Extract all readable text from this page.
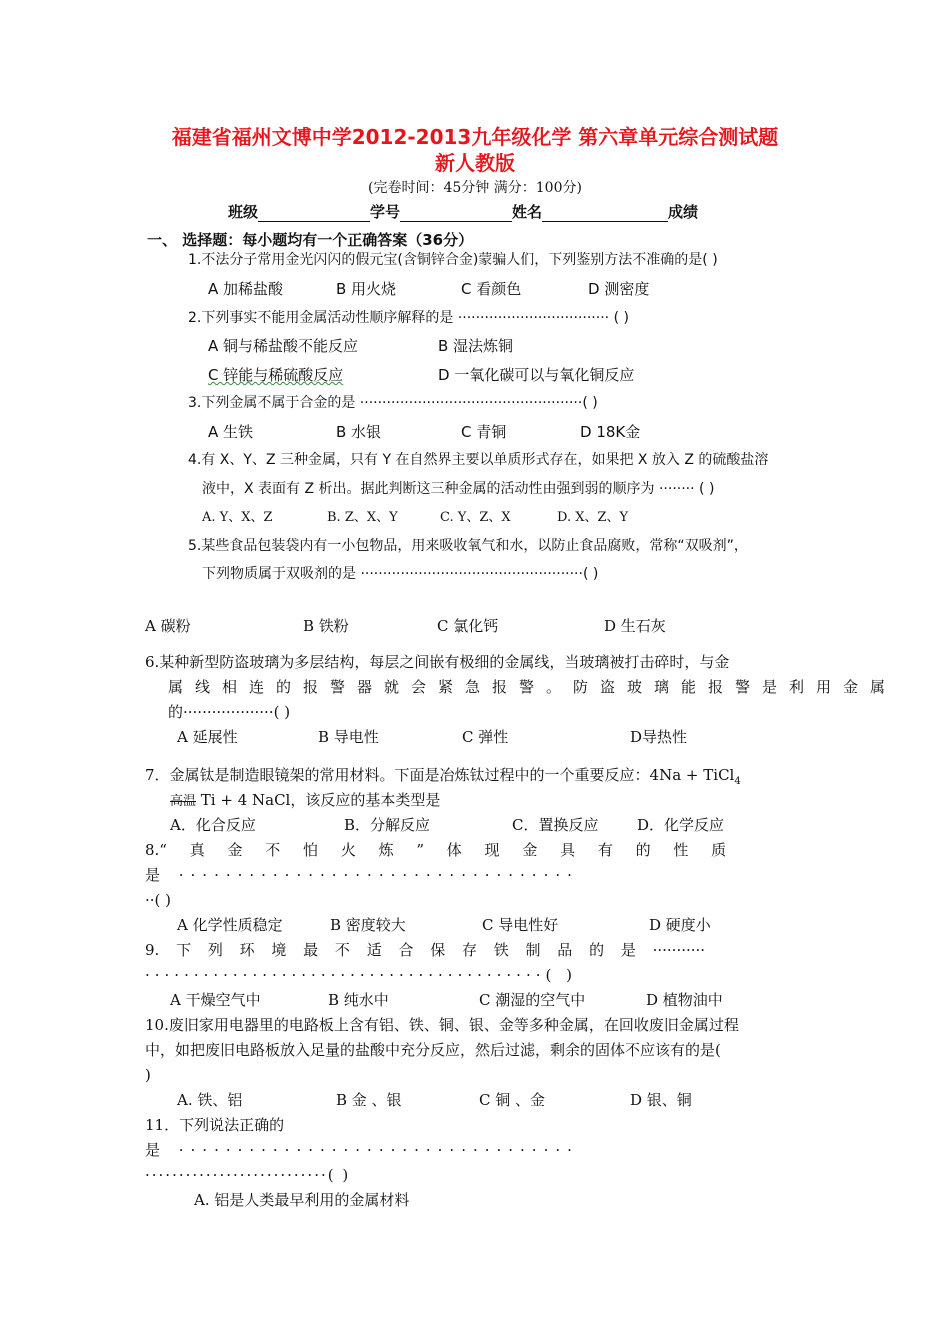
福建省福州文博中学2012-2013九年级化学 第六章单元综合测试题
新人教版
(完卷时间：45分钟 满分：100分)
班级	学号	姓名	成绩
一、 选择题：每小题均有一个正确答案（36分）
1.不法分子常用金光闪闪的假元宝(含铜锌合金)蒙骗人们，下列鉴别方法不准确的是( )
A 加稀盐酸	B 用火烧	C 看颜色	D 测密度
2.下列事实不能用金属活动性顺序解释的是 ·································· ( )
A 铜与稀盐酸不能反应	B 湿法炼铜
C 锌能与稀硫酸反应	D 一氧化碳可以与氧化铜反应
3.下列金属不属于合金的是 ··················································( )
A 生铁	B 水银	C 青铜	D 18K金
4.有 X、Y、Z 三种金属，只有 Y 在自然界主要以单质形式存在，如果把 X 放入 Z 的硫酸盐溶
液中，X 表面有 Z 析出。据此判断这三种金属的活动性由强到弱的顺序为 ········ ( )
A. Y、X、Z	B. Z、X、Y	C. Y、Z、X	D. X、Z、Y
5.某些食品包装袋内有一小包物品，用来吸收氧气和水，以防止食品腐败，常称“双吸剂”，
下列物质属于双吸剂的是 ··················································( )
A 碳粉	B 铁粉	C 氯化钙	D 生石灰
6.某种新型防盗玻璃为多层结构，每层之间嵌有极细的金属线，当玻璃被打击碎时，与金
属线相连的报警器就会紧急报警。防盗玻璃能报警是利用金属
的···················( )
A 延展性	B 导电性	C 弹性	D导热性
7．金属钛是制造眼镜架的常用材料。下面是冶炼钛过程中的一个重要反应：4Na + TiCl$_4$
高温 Ti + 4 NaCl，该反应的基本类型是
A．化合反应	B．分解反应	C．置换反应	D．化学反应
8.“ 真 金 不 怕 火 炼 ” 体 现 金 具 有 的 性 质
是 ··································
··( )
A 化学性质稳定	B 密度较大	C 导电性好	D 硬度小
9. 下 列 环 境 最 不 适 合 保 存 铁 制 品 的 是 ···········
·········································( )
A 干燥空气中	B 纯水中	C 潮湿的空气中	D 植物油中
10.废旧家用电器里的电路板上含有铝、铁、铜、银、金等多种金属，在回收废旧金属过程
中，如把废旧电路板放入足量的盐酸中充分反应，然后过滤，剩余的固体不应该有的是(
)
A. 铁、铝	B 金 、银	C 铜 、金	D 银、铜
11．下列说法正确的
是 ··································
···························( )
A. 铝是人类最早利用的金属材料
